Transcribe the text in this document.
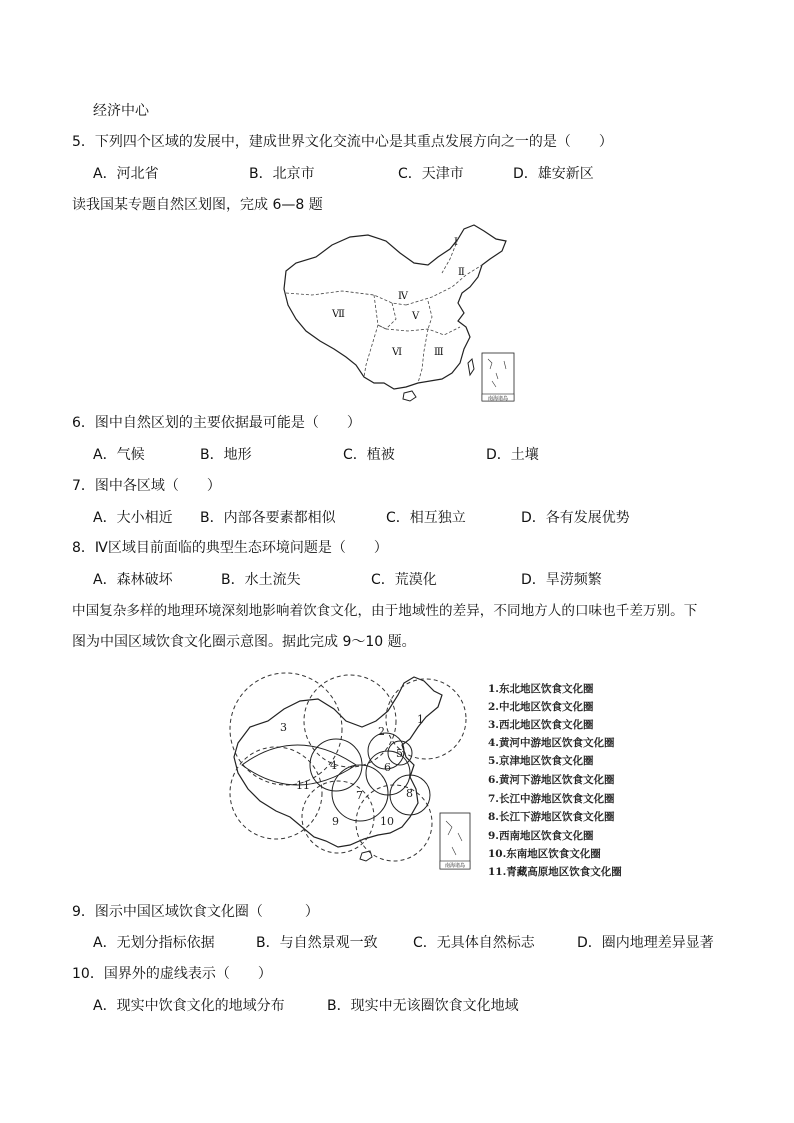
经济中心
5．下列四个区域的发展中，建成世界文化交流中心是其重点发展方向之一的是（　　）
A．河北省	B．北京市	C．天津市	D．雄安新区
读我国某专题自然区划图，完成 6—8 题
Ⅰ
Ⅱ
Ⅲ
Ⅳ
Ⅴ
Ⅵ
Ⅶ
南海诸岛
6．图中自然区划的主要依据最可能是（　　）
A．气候	B．地形	C．植被	D．土壤
7．图中各区域（　　）
A．大小相近 B．内部各要素都相似	C．相互独立	D．各有发展优势
8．Ⅳ区域目前面临的典型生态环境问题是（　　）
A．森林破坏	B．水土流失	C．荒漠化	D．旱涝频繁
中国复杂多样的地理环境深刻地影响着饮食文化，由于地域性的差异，不同地方人的口味也千差万别。下
图为中国区域饮食文化圈示意图。据此完成 9～10 题。
1
2
3
4
5
6
7	8
9	10
11
南海诸岛
1.东北地区饮食文化圈
2.中北地区饮食文化圈
3.西北地区饮食文化圈
4.黄河中游地区饮食文化圈
5.京津地区饮食文化圈
6.黄河下游地区饮食文化圈
7.长江中游地区饮食文化圈
8.长江下游地区饮食文化圈
9.西南地区饮食文化圈
10.东南地区饮食文化圈
11.青藏高原地区饮食文化圈
9．图示中国区域饮食文化圈（　　　）
A．无划分指标依据	B．与自然景观一致	C．无具体自然标志	D．圈内地理差异显著
10．国界外的虚线表示（　　）
A．现实中饮食文化的地域分布	B．现实中无该圈饮食文化地域
